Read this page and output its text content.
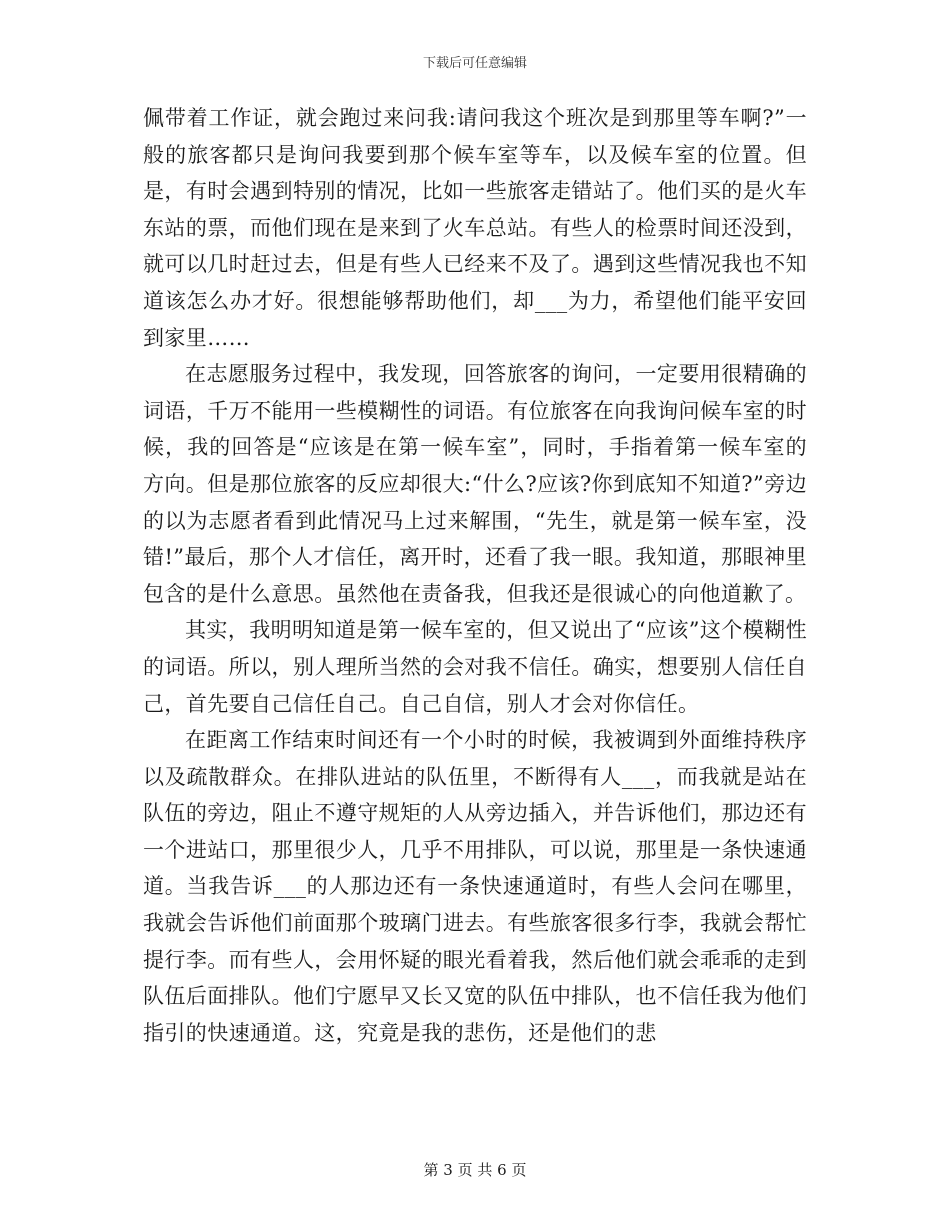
下载后可任意编辑

佩带着工作证，就会跑过来问我:请问我这个班次是到那里等车啊?”一般的旅客都只是询问我要到那个候车室等车，以及候车室的位置。但是，有时会遇到特别的情况，比如一些旅客走错站了。他们买的是火车东站的票，而他们现在是来到了火车总站。有些人的检票时间还没到，就可以几时赶过去，但是有些人已经来不及了。遇到这些情况我也不知道该怎么办才好。很想能够帮助他们，却___为力，希望他们能平安回到家里……

在志愿服务过程中，我发现，回答旅客的询问，一定要用很精确的词语，千万不能用一些模糊性的词语。有位旅客在向我询问候车室的时候，我的回答是“应该是在第一候车室”，同时，手指着第一候车室的方向。但是那位旅客的反应却很大:“什么?应该?你到底知不知道?”旁边的以为志愿者看到此情况马上过来解围，“先生，就是第一候车室，没错!”最后，那个人才信任，离开时，还看了我一眼。我知道，那眼神里包含的是什么意思。虽然他在责备我，但我还是很诚心的向他道歉了。

其实，我明明知道是第一候车室的，但又说出了“应该”这个模糊性的词语。所以，别人理所当然的会对我不信任。确实，想要别人信任自己，首先要自己信任自己。自己自信，别人才会对你信任。

在距离工作结束时间还有一个小时的时候，我被调到外面维持秩序以及疏散群众。在排队进站的队伍里，不断得有人___，而我就是站在队伍的旁边，阻止不遵守规矩的人从旁边插入，并告诉他们，那边还有一个进站口，那里很少人，几乎不用排队，可以说，那里是一条快速通道。当我告诉___的人那边还有一条快速通道时，有些人会问在哪里，我就会告诉他们前面那个玻璃门进去。有些旅客很多行李，我就会帮忙提行李。而有些人，会用怀疑的眼光看着我，然后他们就会乖乖的走到队伍后面排队。他们宁愿早又长又宽的队伍中排队，也不信任我为他们指引的快速通道。这，究竟是我的悲伤，还是他们的悲

第 3 页 共 6 页
